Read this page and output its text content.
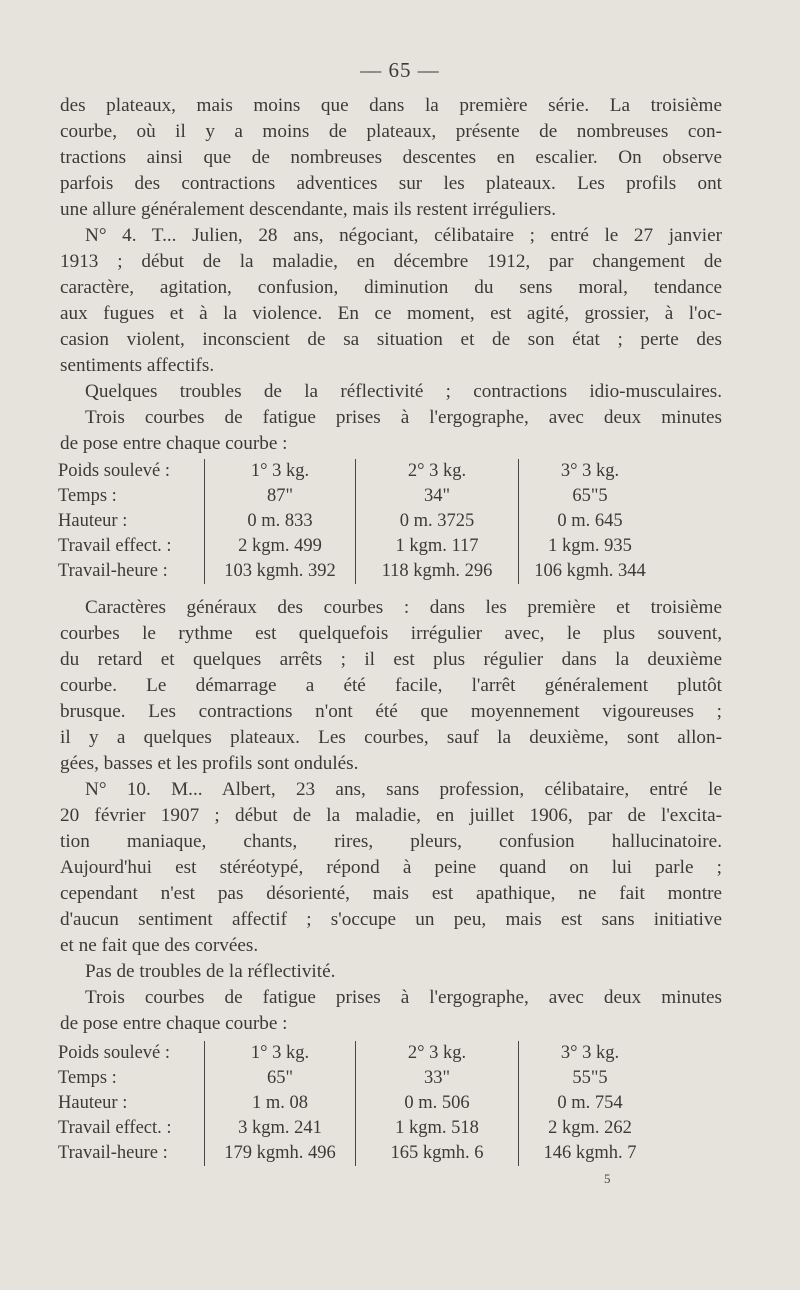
— 65 —

des plateaux, mais moins que dans la première série. La troisième

courbe, où il y a moins de plateaux, présente de nombreuses con-

tractions ainsi que de nombreuses descentes en escalier. On observe

parfois des contractions adventices sur les plateaux. Les profils ont

une allure généralement descendante, mais ils restent irréguliers.

N° 4. T... Julien, 28 ans, négociant, célibataire ; entré le 27 janvier

1913 ; début de la maladie, en décembre 1912, par changement de

caractère, agitation, confusion, diminution du sens moral, tendance

aux fugues et à la violence. En ce moment, est agité, grossier, à l'oc-

casion violent, inconscient de sa situation et de son état ; perte des

sentiments affectifs.

Quelques troubles de la réflectivité ; contractions idio-musculaires.

Trois courbes de fatigue prises à l'ergographe, avec deux minutes

de pose entre chaque courbe :

Poids soulevé :	1° 3 kg.	2° 3 kg.	3° 3 kg.
Temps :	87"	34"	65"5
Hauteur :	0 m. 833	0 m. 3725	0 m. 645
Travail effect. :	2 kgm. 499	1 kgm. 117	1 kgm. 935
Travail-heure :	103 kgmh. 392	118 kgmh. 296	106 kgmh. 344

Caractères généraux des courbes : dans les première et troisième

courbes le rythme est quelquefois irrégulier avec, le plus souvent,

du retard et quelques arrêts ; il est plus régulier dans la deuxième

courbe. Le démarrage a été facile, l'arrêt généralement plutôt

brusque. Les contractions n'ont été que moyennement vigoureuses ;

il y a quelques plateaux. Les courbes, sauf la deuxième, sont allon-

gées, basses et les profils sont ondulés.

N° 10. M... Albert, 23 ans, sans profession, célibataire, entré le

20 février 1907 ; début de la maladie, en juillet 1906, par de l'excita-

tion maniaque, chants, rires, pleurs, confusion hallucinatoire.

Aujourd'hui est stéréotypé, répond à peine quand on lui parle ;

cependant n'est pas désorienté, mais est apathique, ne fait montre

d'aucun sentiment affectif ; s'occupe un peu, mais est sans initiative

et ne fait que des corvées.

Pas de troubles de la réflectivité.

Trois courbes de fatigue prises à l'ergographe, avec deux minutes

de pose entre chaque courbe :

Poids soulevé :	1° 3 kg.	2° 3 kg.	3° 3 kg.
Temps :	65"	33"	55"5
Hauteur :	1 m. 08	0 m. 506	0 m. 754
Travail effect. :	3 kgm. 241	1 kgm. 518	2 kgm. 262
Travail-heure :	179 kgmh. 496	165 kgmh. 6	146 kgmh. 7
5
